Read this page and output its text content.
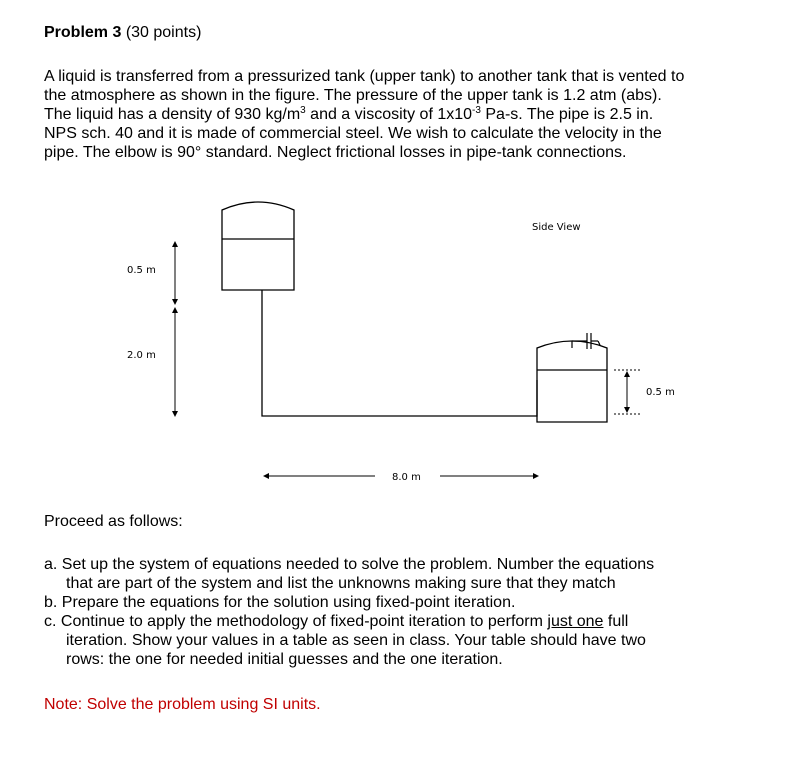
Problem 3 (30 points)

A liquid is transferred from a pressurized tank (upper tank) to another tank that is vented to

the atmosphere as shown in the figure. The pressure of the upper tank is 1.2 atm (abs).

The liquid has a density of 930 $kg/m^3$ and a viscosity of $1x10^{-3}$ Pa-s. The pipe is 2.5 in.

NPS sch. 40 and it is made of commercial steel. We wish to calculate the velocity in the

pipe. The elbow is 90° standard. Neglect frictional losses in pipe-tank connections.

Side View
0.5 m
2.0 m
0.5 m
8.0 m

Proceed as follows:

a. Set up the system of equations needed to solve the problem. Number the equations
that are part of the system and list the unknowns making sure that they match
b. Prepare the equations for the solution using fixed-point iteration.
c. Continue to apply the methodology of fixed-point iteration to perform just one full
iteration. Show your values in a table as seen in class. Your table should have two
rows: the one for needed initial guesses and the one iteration.

Note: Solve the problem using SI units.
